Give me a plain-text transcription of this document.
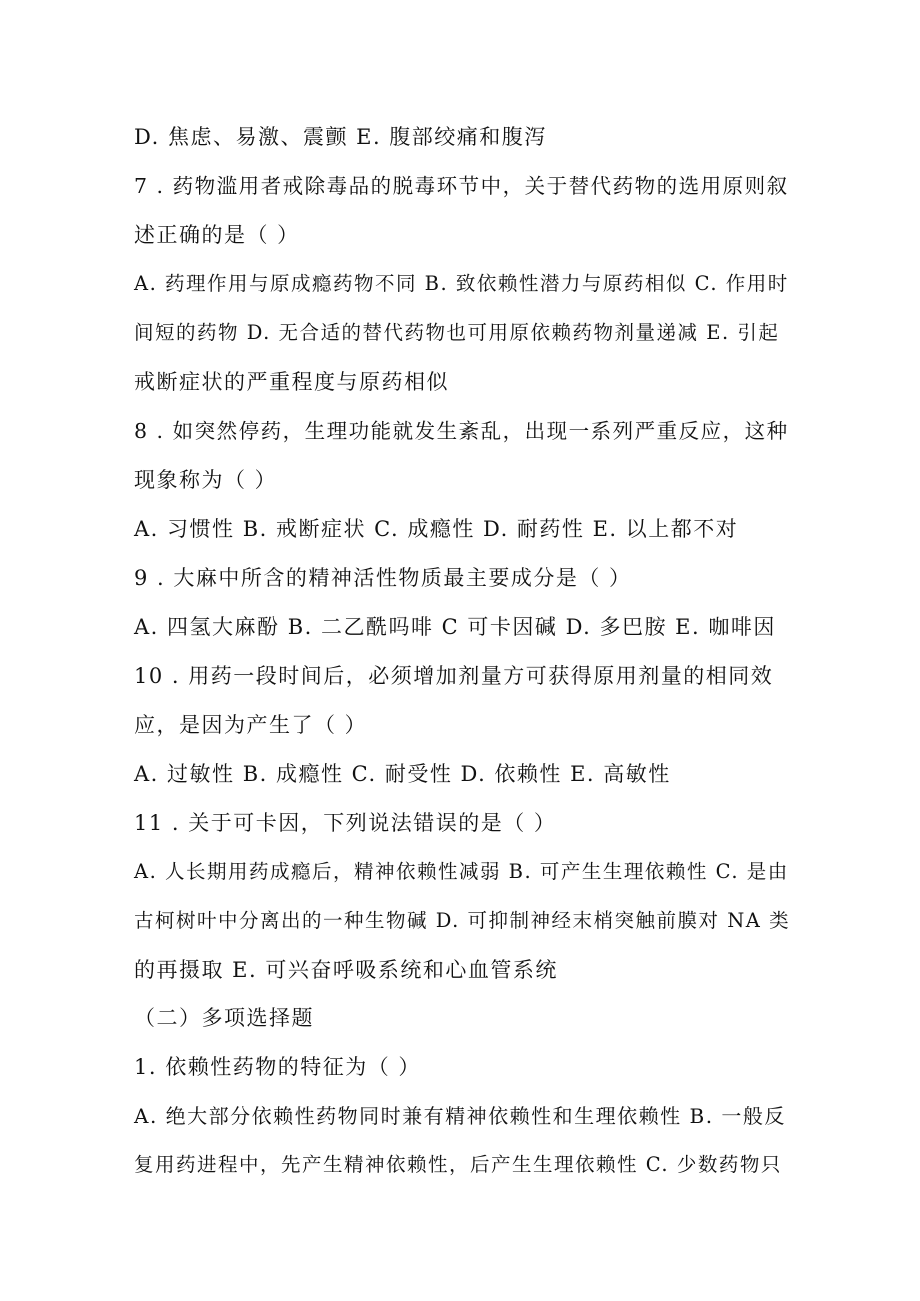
D. 焦虑、易激、震颤 E. 腹部绞痛和腹泻
7 . 药物滥用者戒除毒品的脱毒环节中，关于替代药物的选用原则叙
述正确的是（ ）
A. 药理作用与原成瘾药物不同 B. 致依赖性潜力与原药相似 C. 作用时
间短的药物 D. 无合适的替代药物也可用原依赖药物剂量递减 E. 引起
戒断症状的严重程度与原药相似
8 . 如突然停药，生理功能就发生紊乱，出现一系列严重反应，这种
现象称为（ ）
A. 习惯性 B. 戒断症状 C. 成瘾性 D. 耐药性 E. 以上都不对
9 . 大麻中所含的精神活性物质最主要成分是（ ）
A. 四氢大麻酚 B. 二乙酰吗啡 C 可卡因碱 D. 多巴胺 E. 咖啡因
10 . 用药一段时间后，必须增加剂量方可获得原用剂量的相同效
应，是因为产生了（ ）
A. 过敏性 B. 成瘾性 C. 耐受性 D. 依赖性 E. 高敏性
11 . 关于可卡因，下列说法错误的是（ ）
A. 人长期用药成瘾后，精神依赖性减弱 B. 可产生生理依赖性 C. 是由
古柯树叶中分离出的一种生物碱 D. 可抑制神经末梢突触前膜对 NA 类
的再摄取 E. 可兴奋呼吸系统和心血管系统
（二）多项选择题
1. 依赖性药物的特征为（ ）
A. 绝大部分依赖性药物同时兼有精神依赖性和生理依赖性 B. 一般反
复用药进程中，先产生精神依赖性，后产生生理依赖性 C. 少数药物只
